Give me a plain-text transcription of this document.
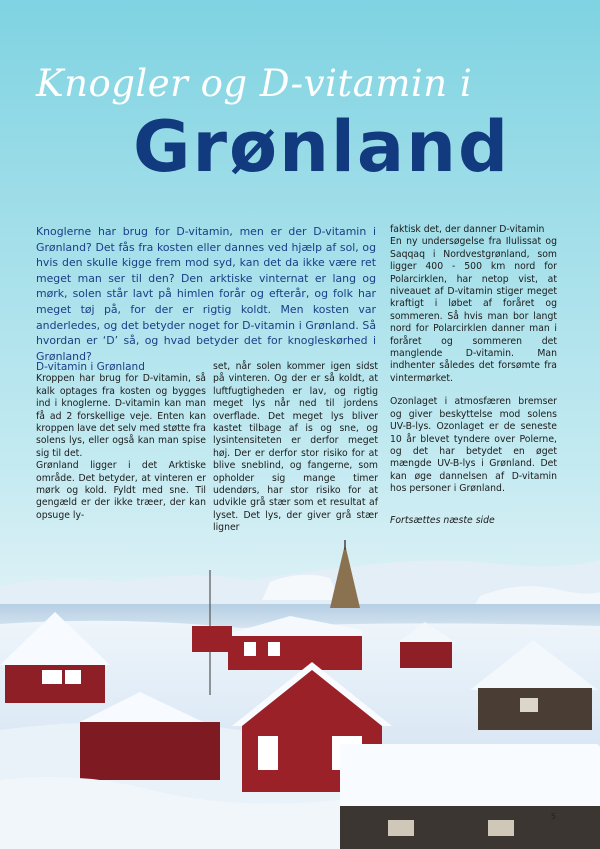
Knogler og D-vitamin i
Grønland

Knoglerne har brug for D-vitamin, men er der D-vitamin i Grønland? Det fås fra kosten eller dannes ved hjælp af sol, og hvis den skulle kigge frem mod syd, kan det da ikke være ret meget man ser til den? Den arktiske vinternat er lang og mørk, solen står lavt på himlen forår og efterår, og folk har meget tøj på, for der er rigtig koldt. Men kosten var anderledes, og det betyder noget for D-vitamin i Grønland. Så hvordan er ‘D’ så, og hvad betyder det for knogleskørhed i Grønland?

D-vitamin i Grønland

Kroppen har brug for D-vitamin, så kalk optages fra kosten og bygges ind i knoglerne. D-vitamin kan man få ad 2 forskellige veje. Enten kan kroppen lave det selv med støtte fra solens lys, eller også kan man spise sig til det.

Grønland ligger i det Arktiske område. Det betyder, at vinteren er mørk og kold. Fyldt med sne. Til gengæld er der ikke træer, der kan opsuge ly-

set, når solen kommer igen sidst på vinteren. Og der er så koldt, at luftfugtigheden er lav, og rigtig meget lys når ned til jordens overflade. Det meget lys bliver kastet tilbage af is og sne, og lysintensiteten er derfor meget høj. Der er derfor stor risiko for at blive snebIind, og fangerne, som opholder sig mange timer udendørs, har stor risiko for at udvikle grå stær som et resultat af lyset. Det lys, der giver grå stær ligner

faktisk det, der danner D-vitamin

En ny undersøgelse fra Ilulissat og Saqqaq i Nordvestgrønland, som ligger 400 - 500 km nord for Polarcirklen, har netop vist, at niveauet af D-vitamin stiger meget kraftigt i løbet af foråret og sommeren. Så hvis man bor langt nord for Polarcirklen danner man i foråret og sommeren det manglende D-vitamin. Man indhenter således det forsømte fra vintermørket.

Ozonlaget i atmosfæren bremser og giver beskyttelse mod solens UV-B-lys. Ozonlaget er de seneste 10 år blevet tyndere over Polerne, og det har betydet en øget mængde UV-B-lys i Grønland. Det kan øge dannelsen af D-vitamin hos personer i Grønland.

Fortsættes næste side

5
